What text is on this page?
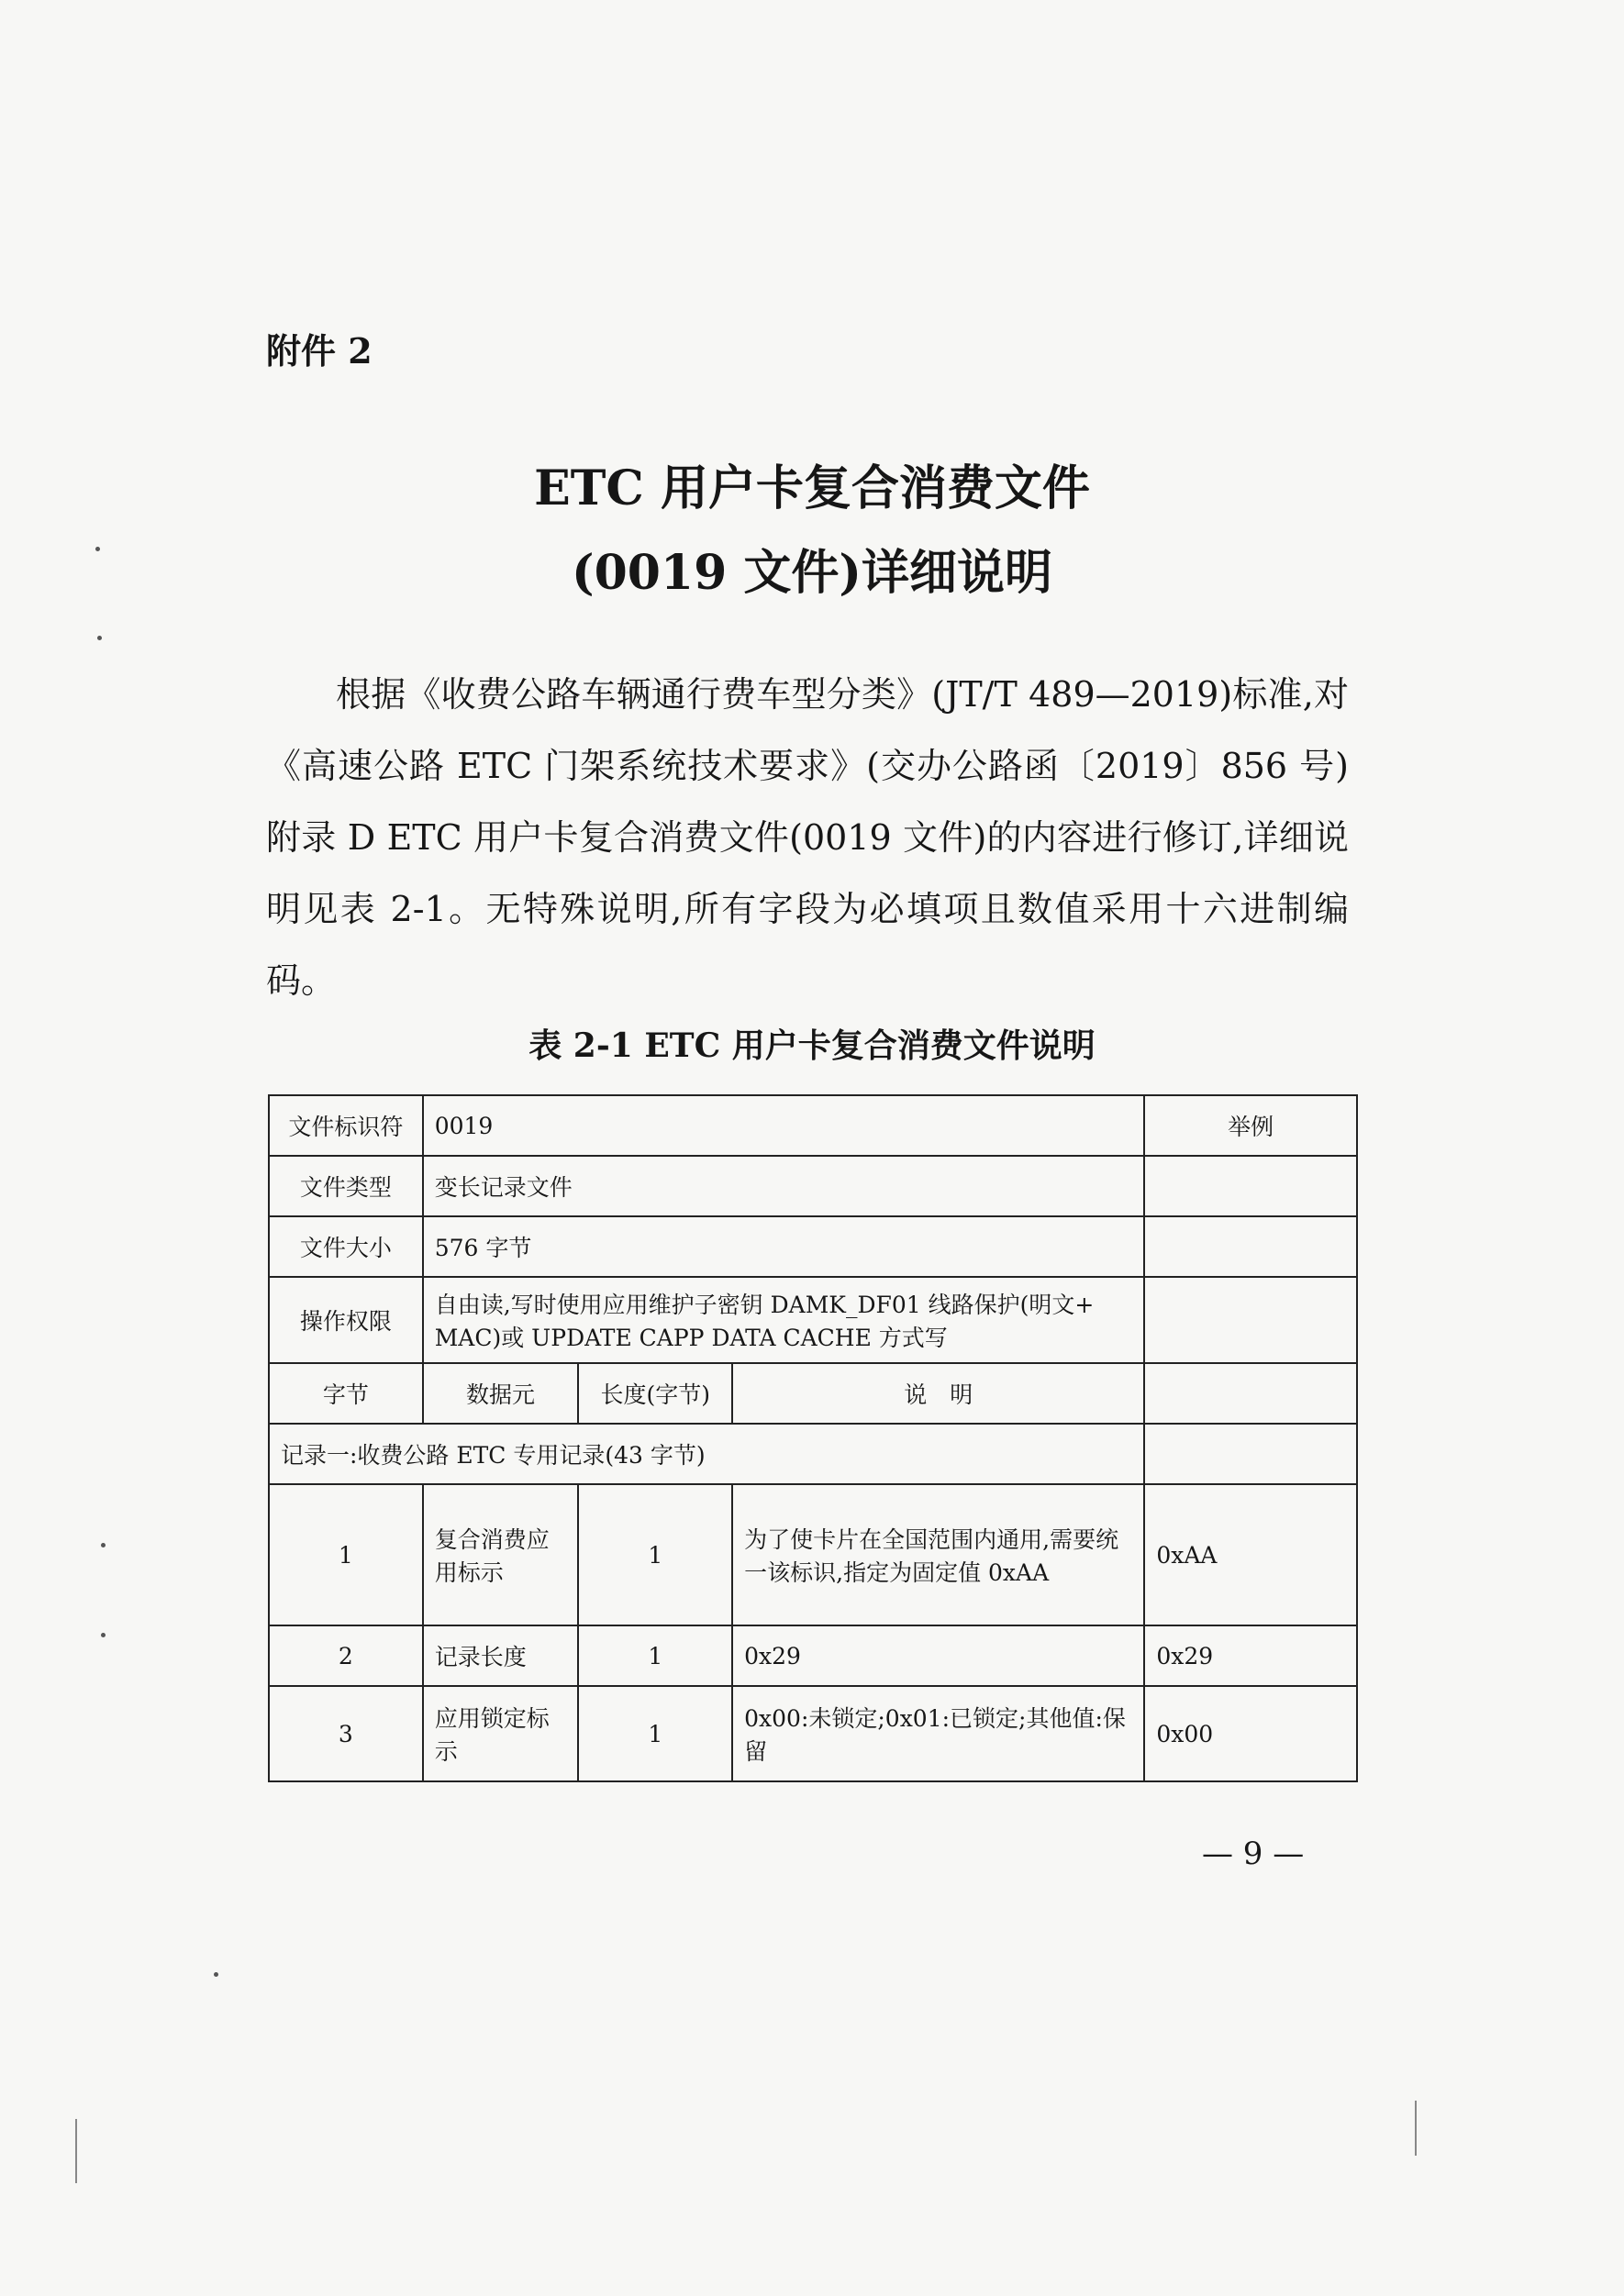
附件 2
ETC 用户卡复合消费文件
(0019 文件)详细说明

根据《收费公路车辆通行费车型分类》(JT/T 489—2019)标准,对《高速公路 ETC 门架系统技术要求》(交办公路函〔2019〕856 号)附录 D ETC 用户卡复合消费文件(0019 文件)的内容进行修订,详细说明见表 2-1。无特殊说明,所有字段为必填项且数值采用十六进制编码。

表 2-1 ETC 用户卡复合消费文件说明
文件标识符	0019			举例
文件类型	变长记录文件			
文件大小	576 字节			
操作权限	自由读,写时使用应用维护子密钥 DAMK_DF01 线路保护(明文+ MAC)或 UPDATE CAPP DATA CACHE 方式写			
字节	数据元	长度(字节)	说　明	
记录一:收费公路 ETC 专用记录(43 字节)				
1	复合消费应用标示	1	为了使卡片在全国范围内通用,需要统一该标识,指定为固定值 0xAA	0xAA
2	记录长度	1	0x29	0x29
3	应用锁定标示	1	0x00:未锁定;0x01:已锁定;其他值:保留	0x00
— 9 —
